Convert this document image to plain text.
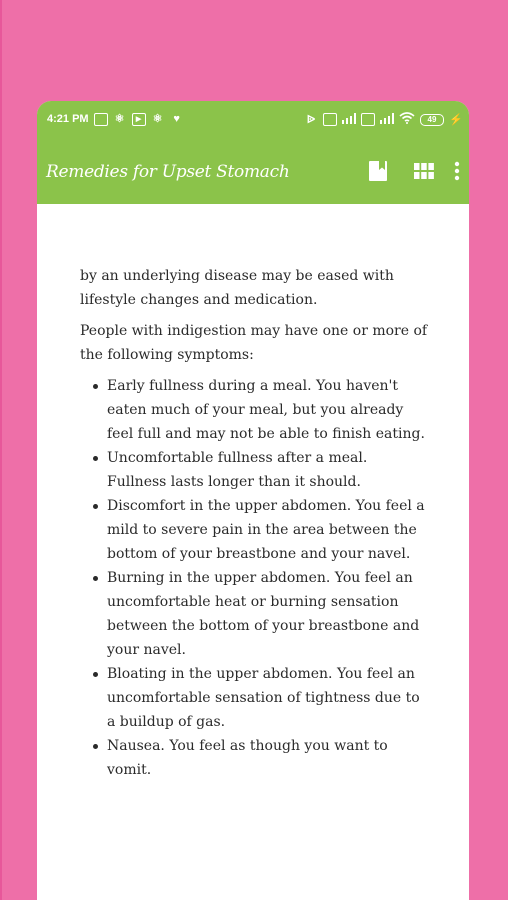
4:21 PM ⚛	▶	⚛ ♥	ᐉ	49	⚡
Remedies for Upset Stomach

by an underlying disease may be eased with lifestyle changes and medication.

People with indigestion may have one or more of the following symptoms:

Early fullness during a meal. You haven't eaten much of your meal, but you already feel full and may not be able to finish eating.
Uncomfortable fullness after a meal. Fullness lasts longer than it should.
Discomfort in the upper abdomen. You feel a mild to severe pain in the area between the bottom of your breastbone and your navel.
Burning in the upper abdomen. You feel an uncomfortable heat or burning sensation between the bottom of your breastbone and your navel.
Bloating in the upper abdomen. You feel an uncomfortable sensation of tightness due to a buildup of gas.
Nausea. You feel as though you want to vomit.
